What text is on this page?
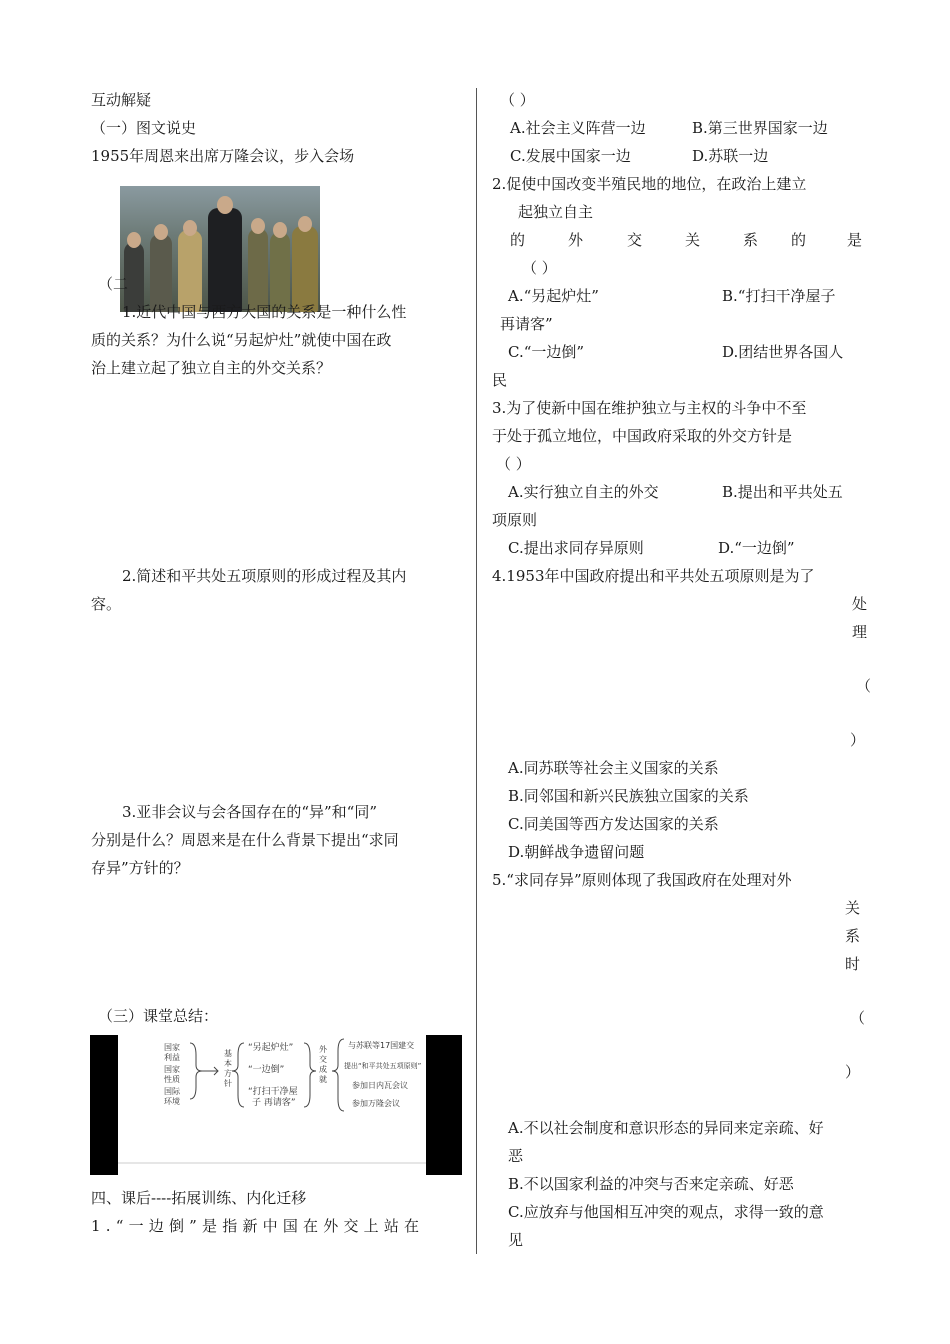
互动解疑
（一）图文说史
1955年周恩来出席万隆会议，步入会场
（二
1.近代中国与西方大国的关系是一种什么性
质的关系？为什么说“另起炉灶”就使中国在政
治上建立起了独立自主的外交关系？
2.简述和平共处五项原则的形成过程及其内
容。
3.亚非会议与会各国存在的“异”和“同”
分别是什么？周恩来是在什么背景下提出“求同
存异”方针的？
（三）课堂总结：
国家利益
国家性质
国际环境
基本方针
“另起炉灶”
“一边倒”
“打扫干净屋
子 再请客”
外交成就
与苏联等17国建交
提出“和平共处五项原则”
参加日内瓦会议
参加万隆会议
四、课后----拓展训练、内化迁移
1.“一边倒”是指新中国在外交上站在
（ ）
A.社会主义阵营一边	B.第三世界国家一边
C.发展中国家一边	D.苏联一边
2.促使中国改变半殖民地的地位，在政治上建立
起独立自主
的	外	交	关	系 的	是
（ ）
A.“另起炉灶”	B.“打扫干净屋子
再请客”
C.“一边倒”	D.团结世界各国人
民
3.为了使新中国在维护独立与主权的斗争中不至
于处于孤立地位，中国政府采取的外交方针是
（ ）
A.实行独立自主的外交	B.提出和平共处五
项原则
C.提出求同存异原则	D.“一边倒”
4.1953年中国政府提出和平共处五项原则是为了
处
理
（
）
A.同苏联等社会主义国家的关系
B.同邻国和新兴民族独立国家的关系
C.同美国等西方发达国家的关系
D.朝鲜战争遗留问题
5.“求同存异”原则体现了我国政府在处理对外
关
系
时
（
）
A.不以社会制度和意识形态的异同来定亲疏、好
恶
B.不以国家利益的冲突与否来定亲疏、好恶
C.应放弃与他国相互冲突的观点，求得一致的意
见
